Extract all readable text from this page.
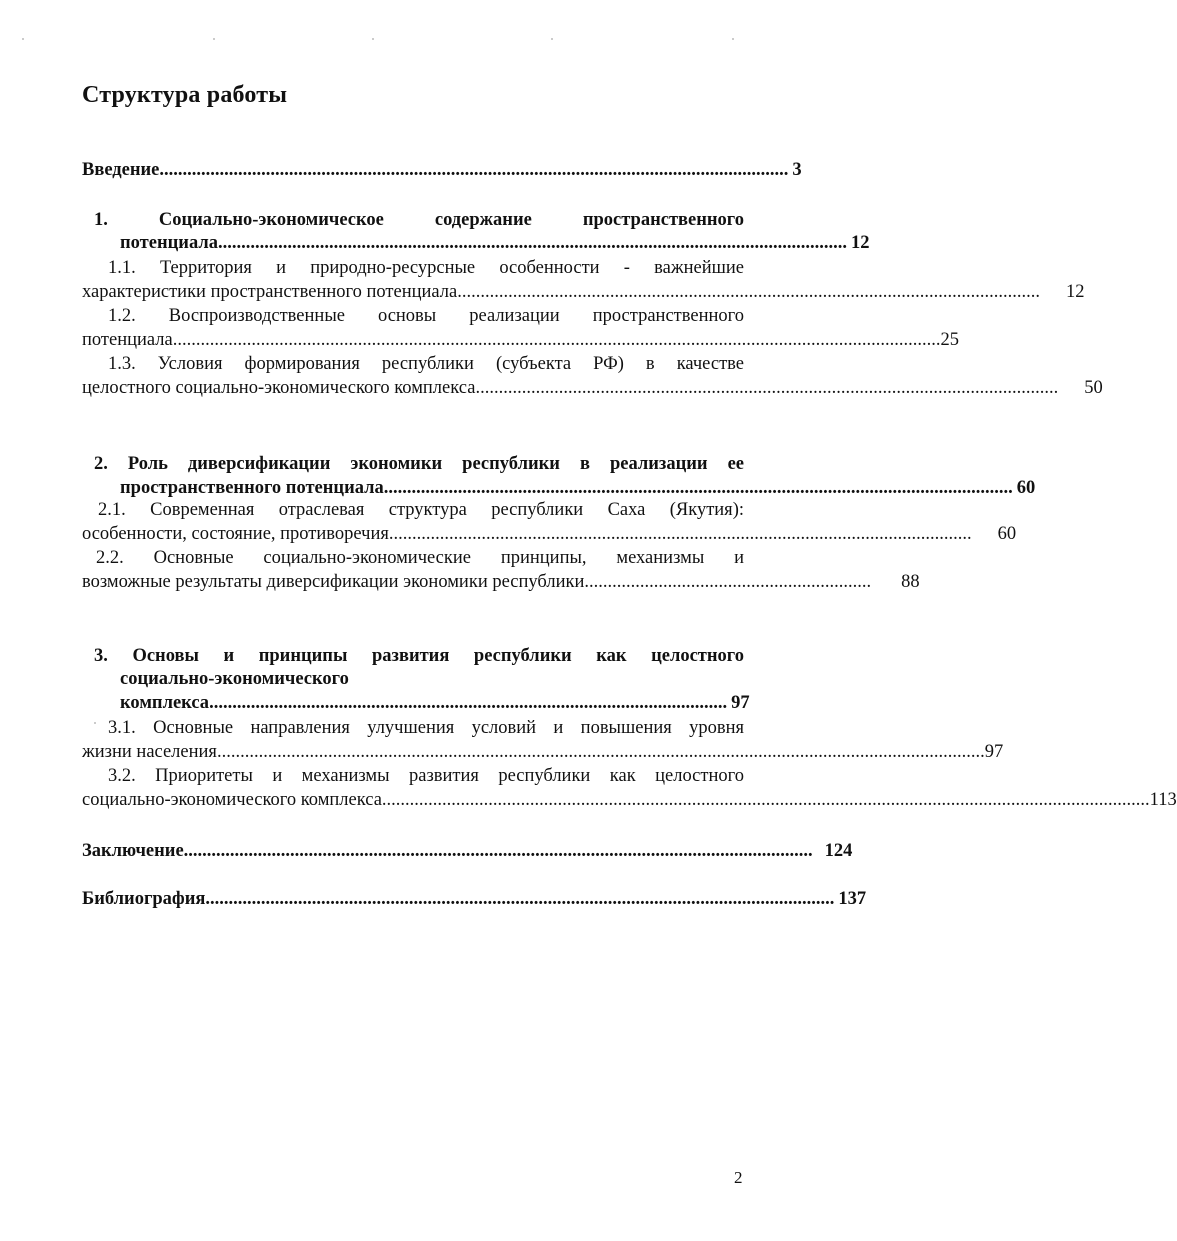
Структура работы
Введение ........................................................................................................................................ 3
1. Социально-экономическое содержание пространственного
потенциала ........................................................................................................................................ 12
1.1. Территория и природно-ресурсные особенности - важнейшие
характеристики пространственного потенциала ..............................................................................................................................	12
1.2. Воспроизводственные основы реализации пространственного
потенциала ...................................................................................................................................................................... 25
1.3. Условия формирования республики (субъекта РФ) в качестве
целостного социально-экономического комплекса ..............................................................................................................................	50
2. Роль диверсификации экономики республики в реализации ее
пространственного потенциала ........................................................................................................................................ 60
2.1. Современная отраслевая структура республики Саха (Якутия):
особенности, состояние, противоречия ..............................................................................................................................	60
2.2. Основные социально-экономические принципы, механизмы и
возможные результаты диверсификации экономики республики ..............................................................	88
3. Основы и принципы развития республики как целостного
социально-экономического
комплекса ................................................................................................................ 97
3.1. Основные направления улучшения условий и повышения уровня
жизни населения ...................................................................................................................................................................... 97
3.2. Приоритеты и механизмы развития республики как целостного
социально-экономического комплекса ...................................................................................................................................................................... 113
Заключение ........................................................................................................................................ 124
Библиография ........................................................................................................................................ 137
2
